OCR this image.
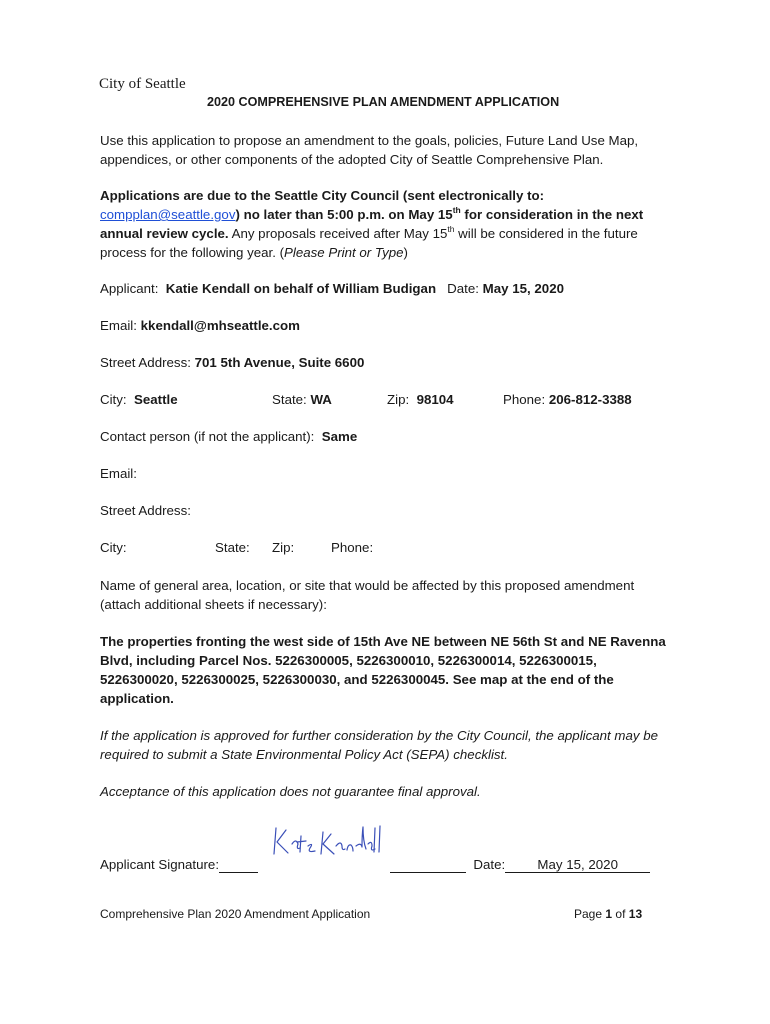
City of Seattle
2020 COMPREHENSIVE PLAN AMENDMENT APPLICATION
Use this application to propose an amendment to the goals, policies, Future Land Use Map, appendices, or other components of the adopted City of Seattle Comprehensive Plan.
Applications are due to the Seattle City Council (sent electronically to: compplan@seattle.gov) no later than 5:00 p.m. on May 15th for consideration in the next annual review cycle. Any proposals received after May 15th will be considered in the future process for the following year. (Please Print or Type)
Applicant: Katie Kendall on behalf of William Budigan Date: May 15, 2020
Email: kkendall@mhseattle.com
Street Address: 701 5th Avenue, Suite 6600
City: Seattle	State: WA	Zip: 98104	Phone: 206-812-3388
Contact person (if not the applicant): Same
Email:
Street Address:
City:	State: Zip:	Phone:
Name of general area, location, or site that would be affected by this proposed amendment (attach additional sheets if necessary):
The properties fronting the west side of 15th Ave NE between NE 56th St and NE Ravenna Blvd, including Parcel Nos. 5226300005, 5226300010, 5226300014, 5226300015, 5226300020, 5226300025, 5226300030, and 5226300045. See map at the end of the application.
If the application is approved for further consideration by the City Council, the applicant may be required to submit a State Environmental Policy Act (SEPA) checklist.
Acceptance of this application does not guarantee final approval.
Applicant Signature:	Date: May 15, 2020
Comprehensive Plan 2020 Amendment Application	Page 1 of 13
